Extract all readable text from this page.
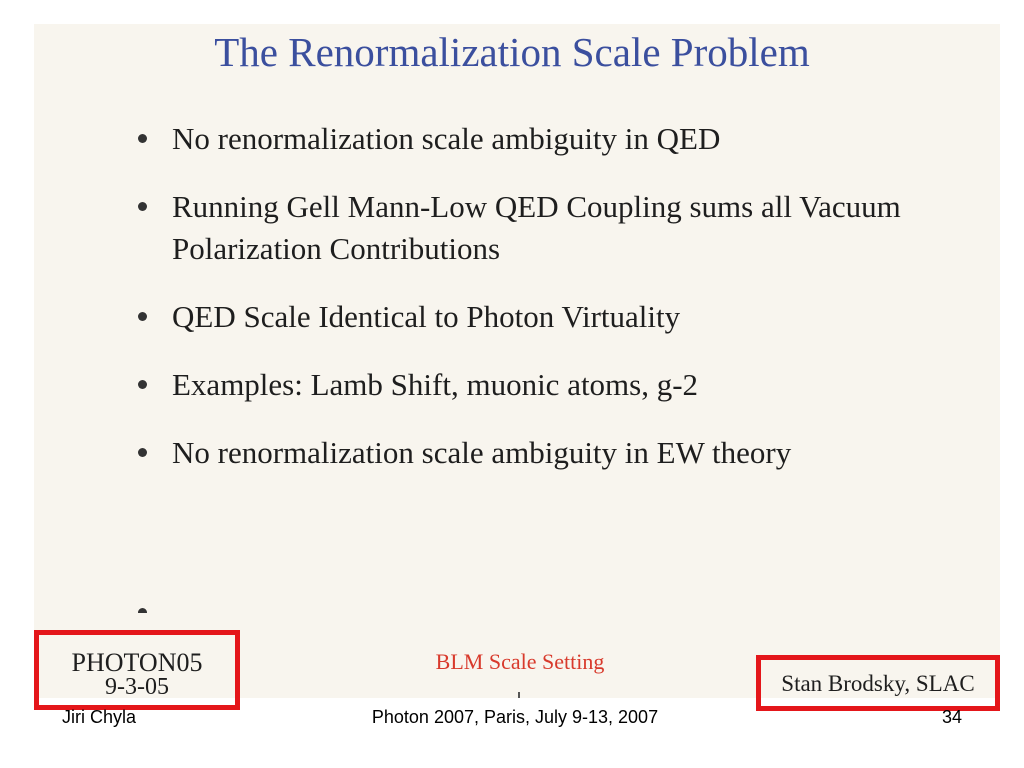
The Renormalization Scale Problem
No renormalization scale ambiguity in QED
Running Gell Mann-Low QED Coupling sums all Vacuum Polarization Contributions
QED Scale Identical to Photon Virtuality
Examples: Lamb Shift, muonic atoms, g-2
No renormalization scale ambiguity in EW theory
PHOTON05
9-3-05
BLM Scale Setting
Stan Brodsky, SLAC
Jiri Chyla	Photon 2007, Paris, July 9-13, 2007	34
